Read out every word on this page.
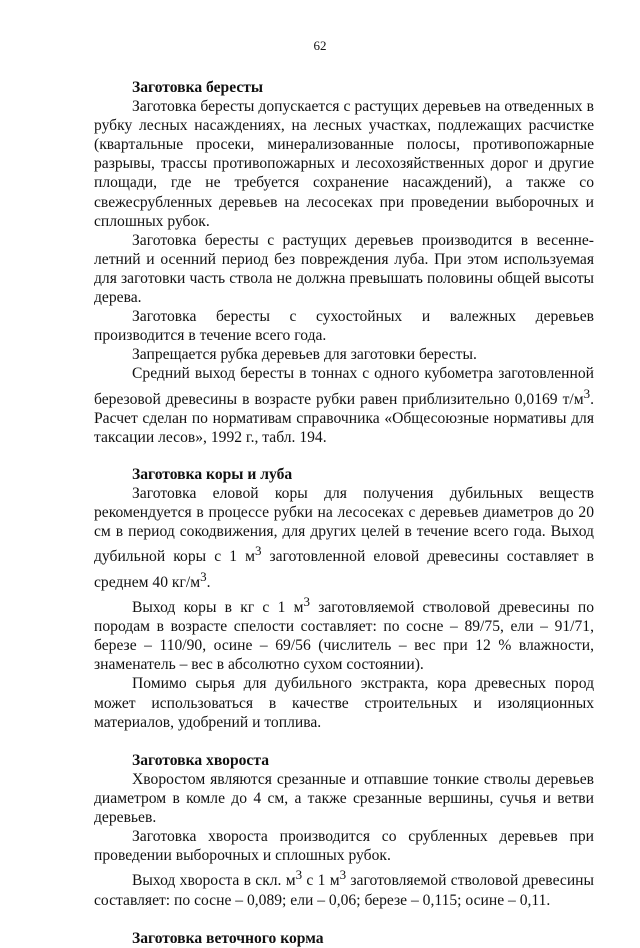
62

Заготовка бересты

Заготовка бересты допускается с растущих деревьев на отведенных в рубку лесных насаждениях, на лесных участках, подлежащих расчистке (квартальные просеки, минерализованные полосы, противопожарные разрывы, трассы противопожарных и лесохозяйственных дорог и другие площади, где не требуется сохранение насаждений), а также со свежесрубленных деревьев на лесосеках при проведении выборочных и сплошных рубок.

Заготовка бересты с растущих деревьев производится в весенне-летний и осенний период без повреждения луба. При этом используемая для заготовки часть ствола не должна превышать половины общей высоты дерева.

Заготовка бересты с сухостойных и валежных деревьев производится в течение всего года.

Запрещается рубка деревьев для заготовки бересты.

Средний выход бересты в тоннах с одного кубометра заготовленной березовой древесины в возрасте рубки равен приблизительно 0,0169 $т/м^3$. Расчет сделан по нормативам справочника «Общесоюзные нормативы для таксации лесов», 1992 г., табл. 194.

Заготовка коры и луба

Заготовка еловой коры для получения дубильных веществ рекомендуется в процессе рубки на лесосеках с деревьев диаметров до 20 см в период сокодвижения, для других целей в течение всего года. Выход дубильной коры с 1 $м^3$ заготовленной еловой древесины составляет в среднем 40 $кг/м^3$.

Выход коры в кг с 1 $м^3$ заготовляемой стволовой древесины по породам в возрасте спелости составляет: по сосне – 89/75, ели – 91/71, березе – 110/90, осине – 69/56 (числитель – вес при 12 % влажности, знаменатель – вес в абсолютно сухом состоянии).

Помимо сырья для дубильного экстракта, кора древесных пород может использоваться в качестве строительных и изоляционных материалов, удобрений и топлива.

Заготовка хвороста

Хворостом являются срезанные и отпавшие тонкие стволы деревьев диаметром в комле до 4 см, а также срезанные вершины, сучья и ветви деревьев.

Заготовка хвороста производится со срубленных деревьев при проведении выборочных и сплошных рубок.

Выход хвороста в скл. $м^3$ с 1 $м^3$ заготовляемой стволовой древесины составляет: по сосне – 0,089; ели – 0,06; березе – 0,115; осине – 0,11.

Заготовка веточного корма
